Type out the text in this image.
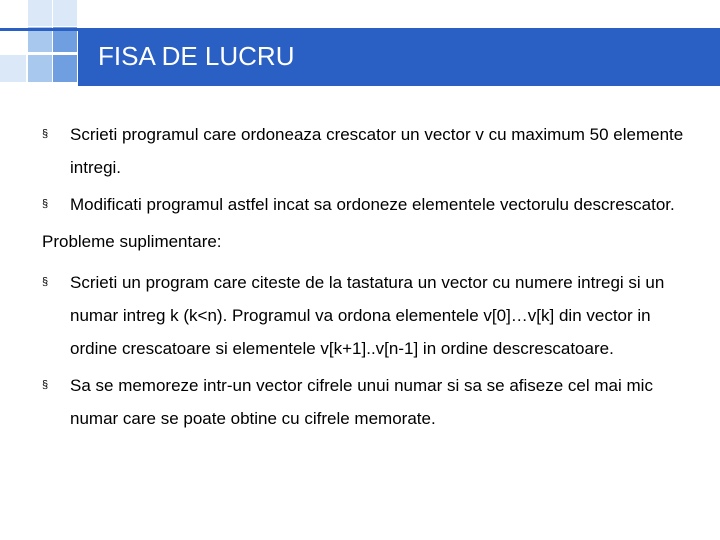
FISA DE LUCRU

§ Scrieti programul care ordoneaza crescator un vector v cu maximum 50 elemente intregi.

§ Modificati programul astfel incat sa ordoneze elementele vectorulu descrescator.

Probleme suplimentare:

§ Scrieti un program care citeste de la tastatura un vector cu numere intregi si un numar intreg k (k<n). Programul va ordona elementele v[0]…v[k] din vector in ordine crescatoare si elementele v[k+1]..v[n-1] in ordine descrescatoare.

§ Sa se memoreze intr-un vector cifrele unui numar si sa se afiseze cel mai mic numar care se poate obtine cu cifrele memorate.
